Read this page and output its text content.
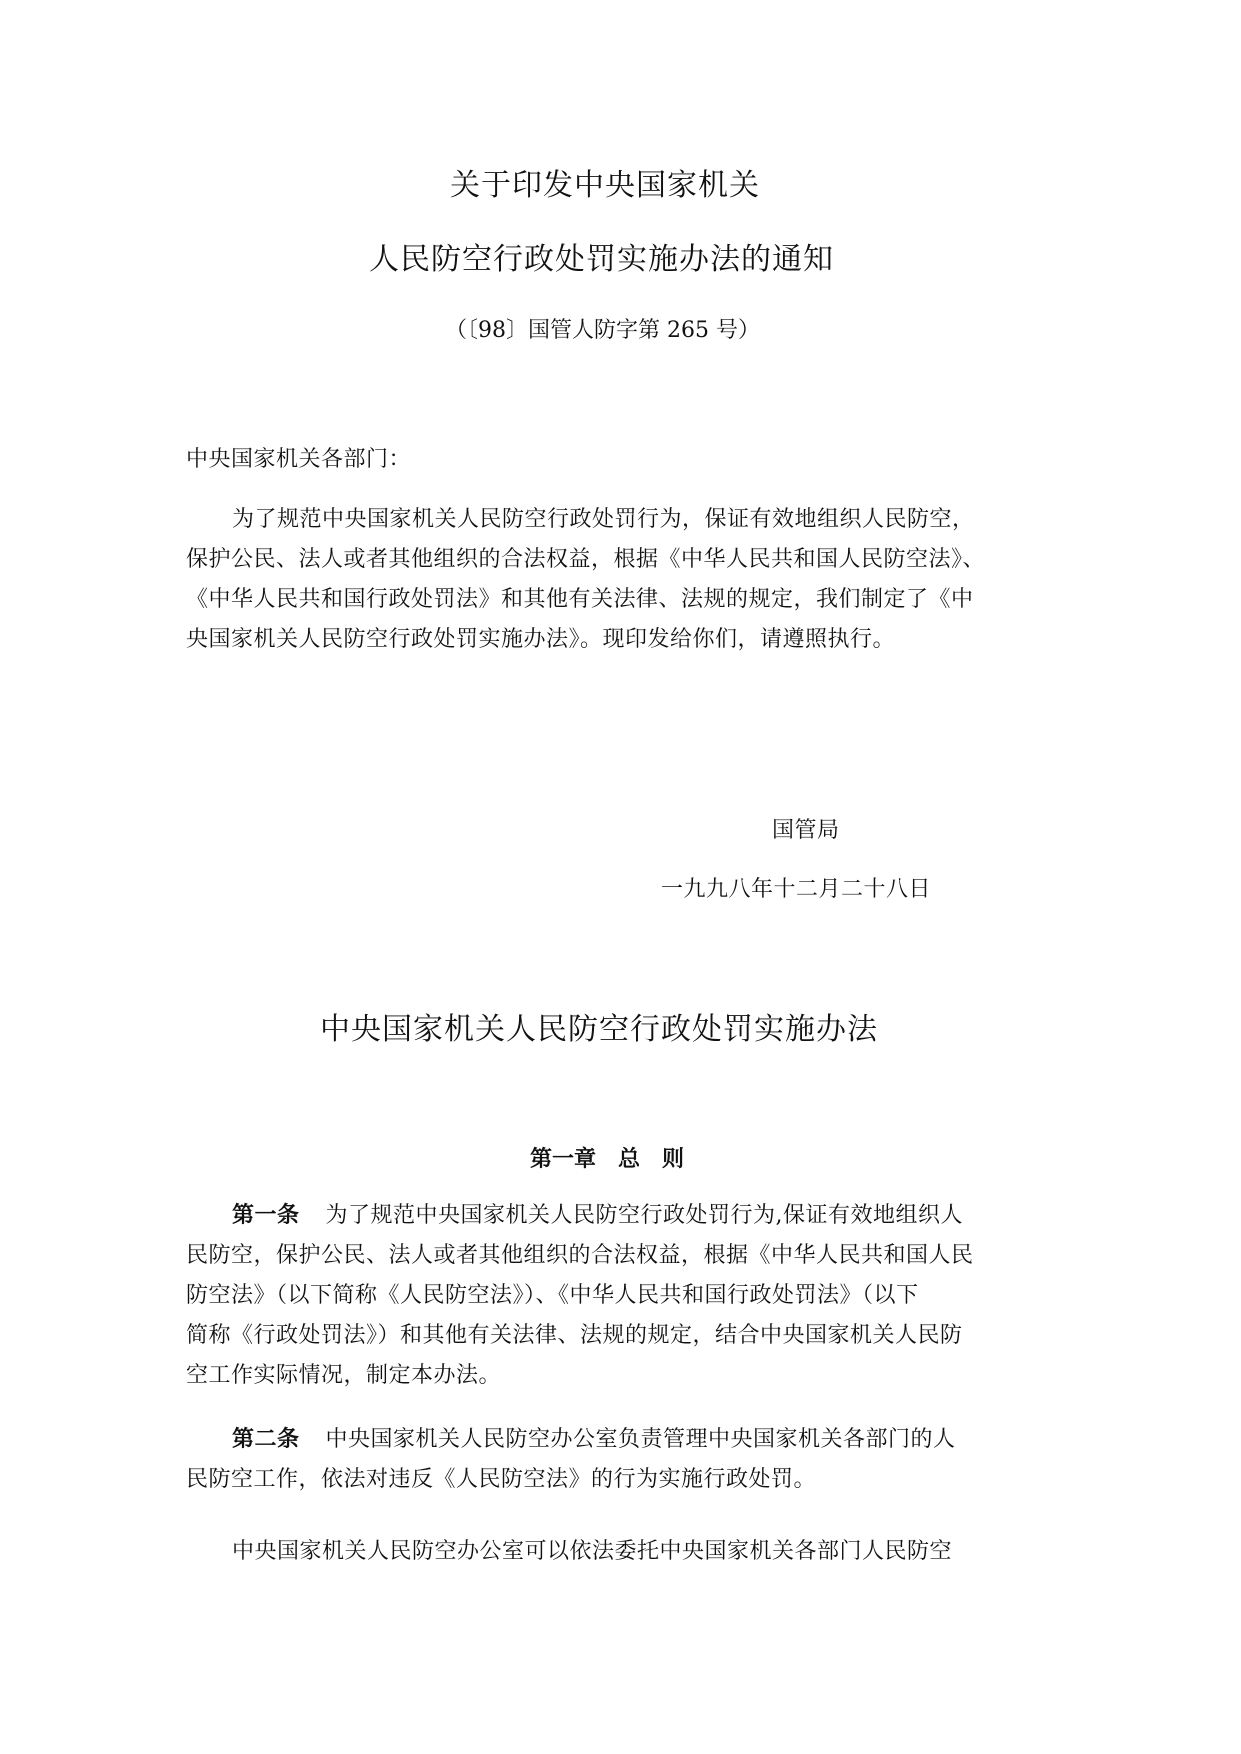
关于印发中央国家机关
人民防空行政处罚实施办法的通知
（〔98〕国管人防字第 265 号）
中央国家机关各部门：
为了规范中央国家机关人民防空行政处罚行为，保证有效地组织人民防空，
保护公民、法人或者其他组织的合法权益，根据《中华人民共和国人民防空法》、
《中华人民共和国行政处罚法》和其他有关法律、法规的规定，我们制定了《中
央国家机关人民防空行政处罚实施办法》。现印发给你们，请遵照执行。
国管局
一九九八年十二月二十八日
中央国家机关人民防空行政处罚实施办法
第一章　总　则
第一条 为了规范中央国家机关人民防空行政处罚行为,保证有效地组织人
民防空，保护公民、法人或者其他组织的合法权益，根据《中华人民共和国人民
防空法》（以下简称《人民防空法》）、《中华人民共和国行政处罚法》（以下
简称《行政处罚法》）和其他有关法律、法规的规定，结合中央国家机关人民防
空工作实际情况，制定本办法。
第二条 中央国家机关人民防空办公室负责管理中央国家机关各部门的人
民防空工作，依法对违反《人民防空法》的行为实施行政处罚。
中央国家机关人民防空办公室可以依法委托中央国家机关各部门人民防空
